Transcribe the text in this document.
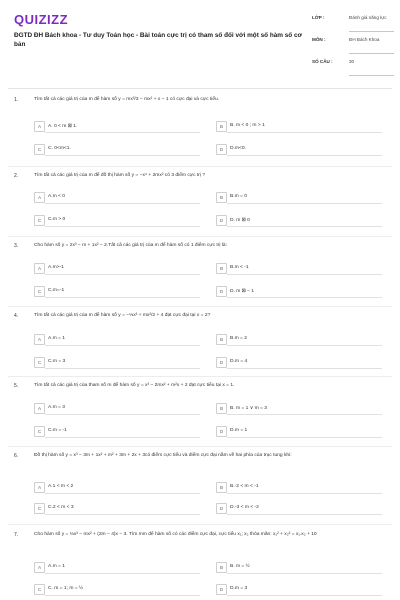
QUIZIZZ
ĐGTD ĐH Bách khoa - Tư duy Toán học - Bài toán cực trị có tham số đối với một số hàm số cơ bản
LỚP :	Đánh giá năng lực
MÔN :	ĐH Bách Khoa
SỐ CÂU :	30
1.	Tìm tất cả các giá trị của m để hàm số y = mx³/3 − mx² + x − 1 có cực đại và cực tiểu.
A	A. 0 < m ⊠ 1.	B	B. m < 0 ; m > 1
C	C. 0<m<1.	D	D.m<0.
2.	Tìm tất cả các giá trị của m để đồ thị hàm số y = −x⁴ + 2mx² có 3 điểm cực trị ?
A	A.m < 0	B	B.m = 0
C	C.m > 0	D	D. m ⊠ 0
3.	Cho hàm số y = 2x³ − m + 1x² − 2.Tất cả các giá trị của m để hàm số có 1 điểm cực trị là:
A	A.m>-1	B	B.m < -1
C	C.m=-1	D	D. m ⊠ − 1
4.	Tìm tất cả các giá trị của m để hàm số y = −⅓x³ + mx²/2 + 4 đạt cực đại tại x = 2?
A	A.m = 1	B	B.m = 2
C	C.m = 3	D	D.m = 4
5.	Tìm tất cả các giá trị của tham số m để hàm số y = x³ − 2mx² + m²x + 2 đạt cực tiểu tại x = 1.
A	A.m = 3	B	B. m = 1 ∨ m = 3
C	C.m = -1	D	D.m = 1
6.	Đồ thị hàm số y = x³ − 3m + 1x² + m² + 3m + 2x + 3có điểm cực tiểu và điểm cực đại nằm về hai phía của trục tung khi:
A	A.1 < m < 2	B	B.-2 < m < -1
C	C.2 < m < 3	D	D.-3 < m < -2
7.	Cho hàm số y = ⅓x³ − mx² + (2m − 4)x − 3. Tìm mm để hàm số có các điểm cực đại, cực tiểu x₁; x₂ thỏa mãn: x₁² + x₂² = x₁.x₂ + 10
A	A.m = 1	B	B. m = ½
C	C. m = 1; m = ½	D	D.m = 3
